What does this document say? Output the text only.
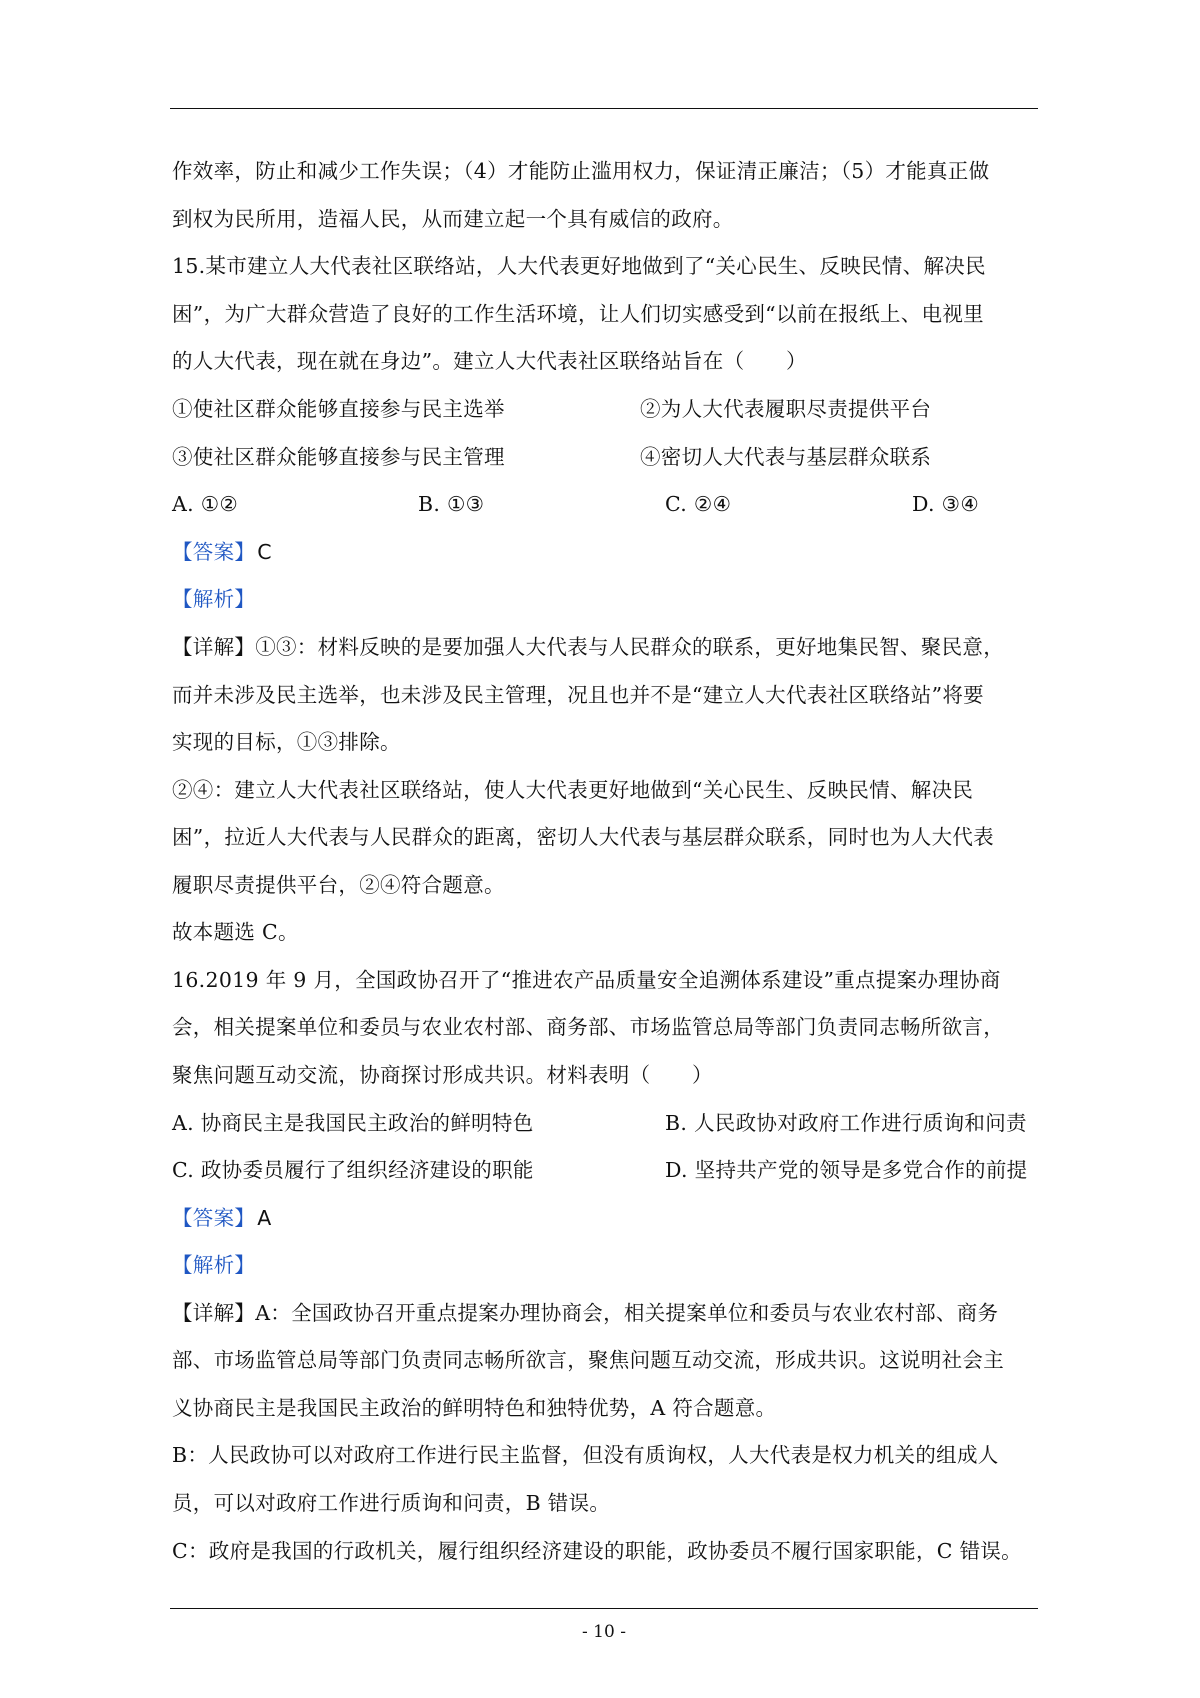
作效率，防止和减少工作失误；（4）才能防止滥用权力，保证清正廉洁；（5）才能真正做
到权为民所用，造福人民，从而建立起一个具有威信的政府。
15.某市建立人大代表社区联络站，人大代表更好地做到了“关心民生、反映民情、解决民
困”，为广大群众营造了良好的工作生活环境，让人们切实感受到“以前在报纸上、电视里
的人大代表，现在就在身边”。建立人大代表社区联络站旨在（　　）
①使社区群众能够直接参与民主选举	②为人大代表履职尽责提供平台
③使社区群众能够直接参与民主管理	④密切人大代表与基层群众联系
A. ①②	B. ①③	C. ②④	D. ③④
【答案】C
【解析】
【详解】①③：材料反映的是要加强人大代表与人民群众的联系，更好地集民智、聚民意，
而并未涉及民主选举，也未涉及民主管理，况且也并不是“建立人大代表社区联络站”将要
实现的目标，①③排除。
②④：建立人大代表社区联络站，使人大代表更好地做到“关心民生、反映民情、解决民
困”，拉近人大代表与人民群众的距离，密切人大代表与基层群众联系，同时也为人大代表
履职尽责提供平台，②④符合题意。
故本题选 C。
16.2019 年 9 月，全国政协召开了“推进农产品质量安全追溯体系建设”重点提案办理协商
会，相关提案单位和委员与农业农村部、商务部、市场监管总局等部门负责同志畅所欲言，
聚焦问题互动交流，协商探讨形成共识。材料表明（　　）
A. 协商民主是我国民主政治的鲜明特色	B. 人民政协对政府工作进行质询和问责
C. 政协委员履行了组织经济建设的职能	D. 坚持共产党的领导是多党合作的前提
【答案】A
【解析】
【详解】A：全国政协召开重点提案办理协商会，相关提案单位和委员与农业农村部、商务
部、市场监管总局等部门负责同志畅所欲言，聚焦问题互动交流，形成共识。这说明社会主
义协商民主是我国民主政治的鲜明特色和独特优势，A 符合题意。
B：人民政协可以对政府工作进行民主监督，但没有质询权，人大代表是权力机关的组成人
员，可以对政府工作进行质询和问责，B 错误。
C：政府是我国的行政机关，履行组织经济建设的职能，政协委员不履行国家职能，C 错误。
- 10 -
